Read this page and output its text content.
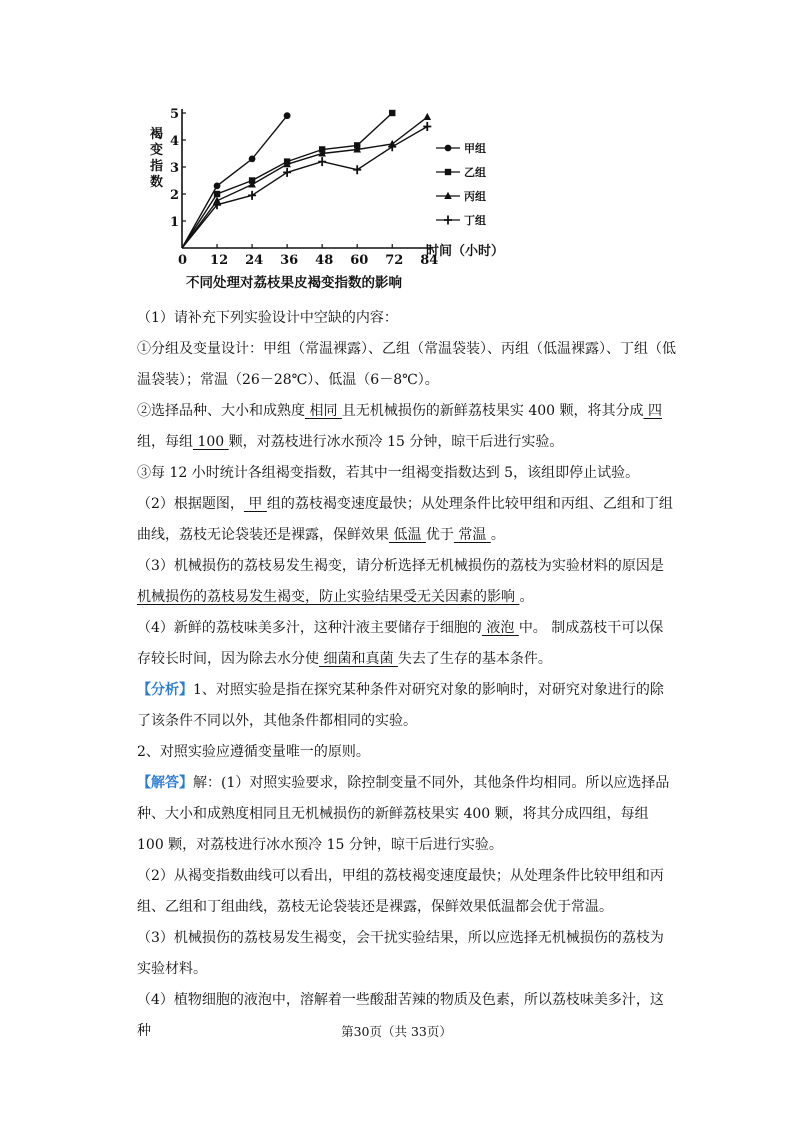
0 12 24 36 48 60 72 84
1
2
3
4
5
甲组
乙组
丙组
丁组
褐变指数
时间（小时）
不同处理对荔枝果皮褐变指数的影响

（1）请补充下列实验设计中空缺的内容：

①分组及变量设计：甲组（常温裸露）、乙组（常温袋装）、丙组（低温裸露）、丁组（低温袋装）；常温（26－28℃）、低温（6－8℃）。

②选择品种、大小和成熟度 相同 且无机械损伤的新鲜荔枝果实 400 颗，将其分成 四组，每组 100 颗，对荔枝进行冰水预冷 15 分钟，晾干后进行实验。

③每 12 小时统计各组褐变指数，若其中一组褐变指数达到 5，该组即停止试验。

（2）根据题图， 甲 组的荔枝褐变速度最快；从处理条件比较甲组和丙组、乙组和丁组曲线，荔枝无论袋装还是裸露，保鲜效果 低温 优于 常温 。

（3）机械损伤的荔枝易发生褐变，请分析选择无机械损伤的荔枝为实验材料的原因是机械损伤的荔枝易发生褐变，防止实验结果受无关因素的影响 。

（4）新鲜的荔枝味美多汁，这种汁液主要储存于细胞的 液泡 中。 制成荔枝干可以保存较长时间，因为除去水分使 细菌和真菌 失去了生存的基本条件。

【分析】1、对照实验是指在探究某种条件对研究对象的影响时，对研究对象进行的除了该条件不同以外，其他条件都相同的实验。

2、对照实验应遵循变量唯一的原则。

【解答】解：(1）对照实验要求，除控制变量不同外，其他条件均相同。所以应选择品种、大小和成熟度相同且无机械损伤的新鲜荔枝果实 400 颗，将其分成四组，每组 100 颗，对荔枝进行冰水预冷 15 分钟，晾干后进行实验。

（2）从褐变指数曲线可以看出，甲组的荔枝褐变速度最快；从处理条件比较甲组和丙组、乙组和丁组曲线，荔枝无论袋装还是裸露，保鲜效果低温都会优于常温。

（3）机械损伤的荔枝易发生褐变，会干扰实验结果，所以应选择无机械损伤的荔枝为实验材料。

（4）植物细胞的液泡中，溶解着一些酸甜苦辣的物质及色素，所以荔枝味美多汁，这种	第30页（共 33页）
